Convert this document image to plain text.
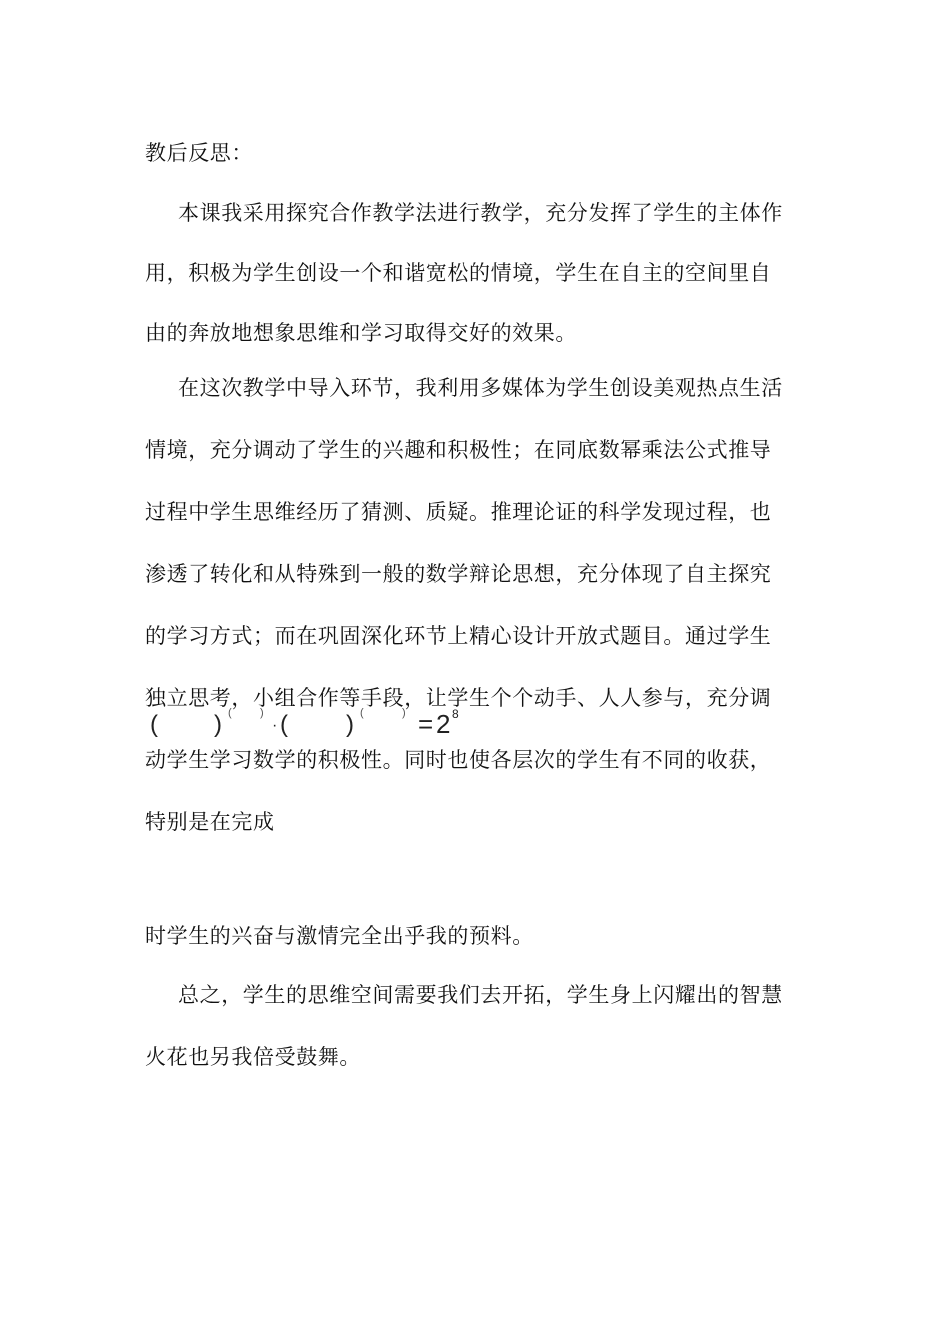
教后反思：
本课我采用探究合作教学法进行教学，充分发挥了学生的主体作
用，积极为学生创设一个和谐宽松的情境，学生在自主的空间里自
由的奔放地想象思维和学习取得交好的效果。
在这次教学中导入环节，我利用多媒体为学生创设美观热点生活
情境，充分调动了学生的兴趣和积极性；在同底数幂乘法公式推导
过程中学生思维经历了猜测、质疑。推理论证的科学发现过程，也
渗透了转化和从特殊到一般的数学辩论思想，充分体现了自主探究
的学习方式；而在巩固深化环节上精心设计开放式题目。通过学生
独立思考，小组合作等手段，让学生个个动手、人人参与，充分调
( ) (	)
· ( ) (	) = 2 8
动学生学习数学的积极性。同时也使各层次的学生有不同的收获，
特别是在完成
时学生的兴奋与激情完全出乎我的预料。
总之，学生的思维空间需要我们去开拓，学生身上闪耀出的智慧
火花也另我倍受鼓舞。
